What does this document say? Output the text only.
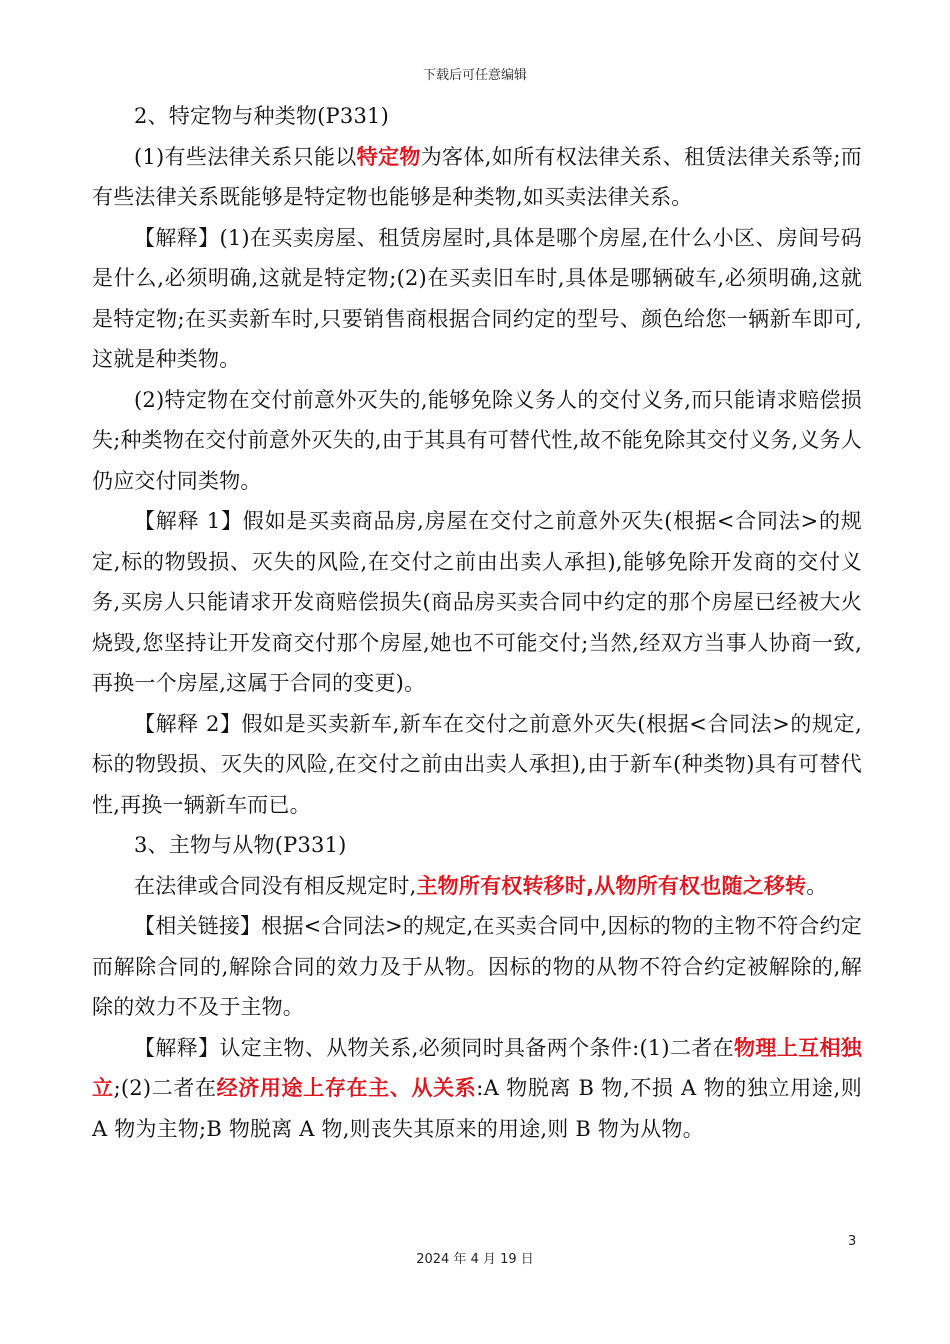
下载后可任意编辑

2、特定物与种类物(P331)

(1)有些法律关系只能以特定物为客体,如所有权法律关系、租赁法律关系等;而有些法律关系既能够是特定物也能够是种类物,如买卖法律关系。

【解释】(1)在买卖房屋、租赁房屋时,具体是哪个房屋,在什么小区、房间号码是什么,必须明确,这就是特定物;(2)在买卖旧车时,具体是哪辆破车,必须明确,这就是特定物;在买卖新车时,只要销售商根据合同约定的型号、颜色给您一辆新车即可,这就是种类物。

(2)特定物在交付前意外灭失的,能够免除义务人的交付义务,而只能请求赔偿损失;种类物在交付前意外灭失的,由于其具有可替代性,故不能免除其交付义务,义务人仍应交付同类物。

【解释 1】假如是买卖商品房,房屋在交付之前意外灭失(根据<合同法>的规定,标的物毁损、灭失的风险,在交付之前由出卖人承担),能够免除开发商的交付义务,买房人只能请求开发商赔偿损失(商品房买卖合同中约定的那个房屋已经被大火烧毁,您坚持让开发商交付那个房屋,她也不可能交付;当然,经双方当事人协商一致,再换一个房屋,这属于合同的变更)。

【解释 2】假如是买卖新车,新车在交付之前意外灭失(根据<合同法>的规定,标的物毁损、灭失的风险,在交付之前由出卖人承担),由于新车(种类物)具有可替代性,再换一辆新车而已。

3、主物与从物(P331)

在法律或合同没有相反规定时,主物所有权转移时,从物所有权也随之移转。

【相关链接】根据<合同法>的规定,在买卖合同中,因标的物的主物不符合约定而解除合同的,解除合同的效力及于从物。因标的物的从物不符合约定被解除的,解除的效力不及于主物。

【解释】认定主物、从物关系,必须同时具备两个条件:(1)二者在物理上互相独立;(2)二者在经济用途上存在主、从关系:A 物脱离 B 物,不损 A 物的独立用途,则 A 物为主物;B 物脱离 A 物,则丧失其原来的用途,则 B 物为从物。

3
2024 年 4 月 19 日
